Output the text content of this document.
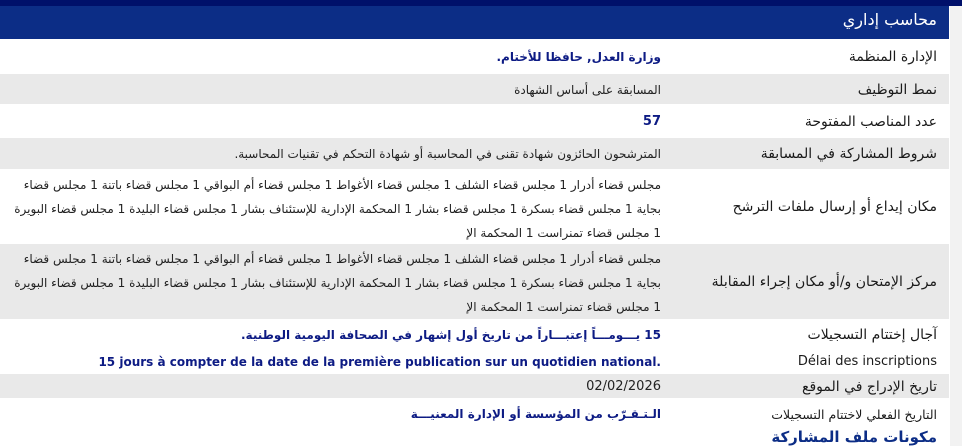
محاسب إداري
الإدارة المنظمة
وزارة العدل, حافظا للأختام.
نمط التوظيف
المسابقة على أساس الشهادة
عدد المناصب المفتوحة
57
شروط المشاركة في المسابقة
المترشحون الحائزون شهادة تقنى في المحاسبة أو شهادة التحكم في تقنيات المحاسبة.
مكان إيداع أو إرسال ملفات الترشح
مجلس قضاء أدرار 1 مجلس قضاء الشلف 1 مجلس قضاء الأغواط 1 مجلس قضاء أم البواقي 1 مجلس قضاء باتنة 1 مجلس قضاء بجاية 1 مجلس قضاء بسكرة 1 مجلس قضاء بشار 1 المحكمة الإدارية للإستئناف بشار 1 مجلس قضاء البليدة 1 مجلس قضاء البويرة 1 مجلس قضاء تمنراست 1 المحكمة الإ
مركز الإمتحان و/أو مكان إجراء المقابلة
مجلس قضاء أدرار 1 مجلس قضاء الشلف 1 مجلس قضاء الأغواط 1 مجلس قضاء أم البواقي 1 مجلس قضاء باتنة 1 مجلس قضاء بجاية 1 مجلس قضاء بسكرة 1 مجلس قضاء بشار 1 المحكمة الإدارية للإستئناف بشار 1 مجلس قضاء البليدة 1 مجلس قضاء البويرة 1 مجلس قضاء تمنراست 1 المحكمة الإ
آجال إختتام التسجيلات
15 يـــومـــاً إعتبـــاراً من تاريخ أول إشهار في الصحافة اليومية الوطنية.
Délai des inscriptions
15 jours à compter de la date de la première publication sur un quotidien national.
تاريخ الإدراج في الموقع
02/02/2026
التاريخ الفعلي لاختتام التسجيلات
الـتـقـرّب من المؤسسة أو الإدارة المعنيـــة
مكونات ملف المشاركة
